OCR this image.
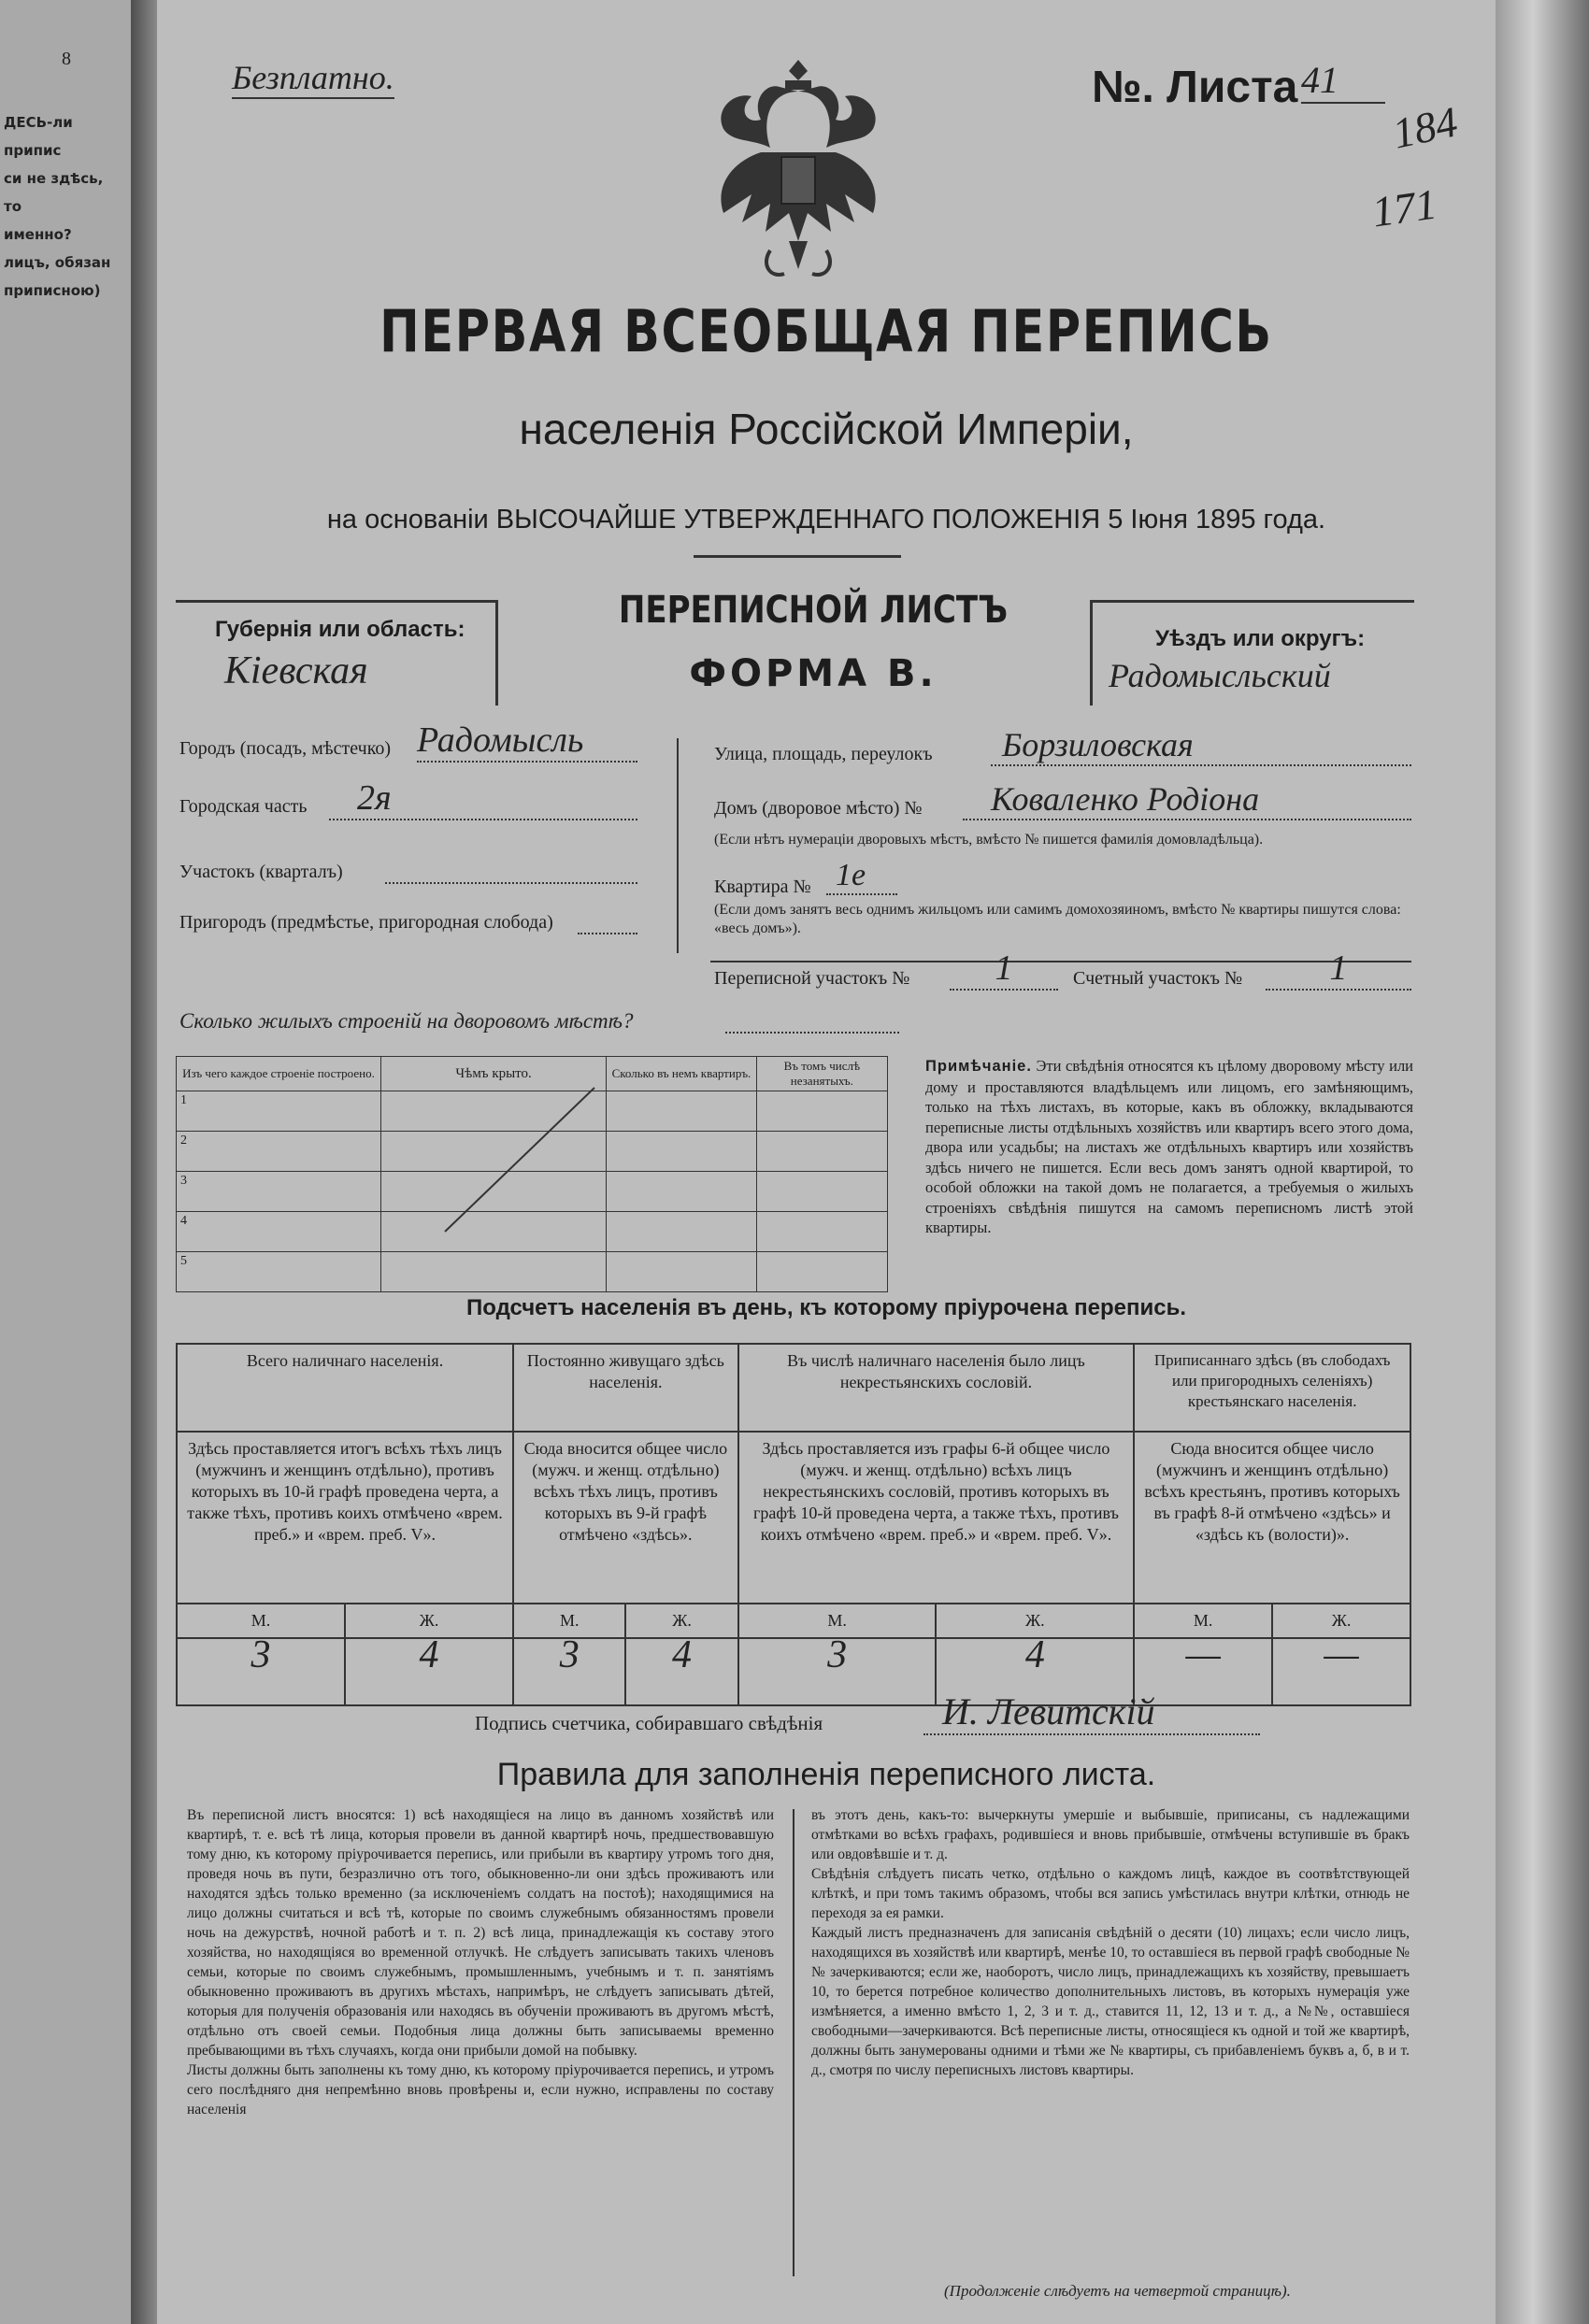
8
ДЕСЬ-ли припис
си не здѣсь, то
именно?
лицъ, обязан
приписною)
Безплатно.	№. Листа 41
184
171
ПЕРВАЯ ВСЕОБЩАЯ ПЕРЕПИСЬ
населенія Россійской Имперіи,
на основаніи ВЫСОЧАЙШЕ УТВЕРЖДЕННАГО ПОЛОЖЕНІЯ 5 Іюня 1895 года.
Губернія или область:
Кіевская
ПЕРЕПИСНОЙ ЛИСТЪ
ФОРМА В.
Уѣздъ или округъ:
Радомысльский
Городъ (посадъ, мѣстечко) Радомысль
Городская часть	2я
Участокъ (кварталъ)
Пригородъ (предмѣстье, пригородная слобода)
Улица, площадь, переулокъ	Борзиловская
Домъ (дворовое мѣсто) №	Коваленко Родіона
(Если нѣтъ нумераціи дворовыхъ мѣстъ, вмѣсто № пишется фамилія домовладѣльца).
Квартира № 1е
(Если домъ занятъ весь однимъ жильцомъ или самимъ домохозяиномъ, вмѣсто № квартиры пишутся слова: «весь домъ»).
Переписной участокъ №	1	Счетный участокъ №	1
Сколько жилыхъ строеній на дворовомъ мѣстѣ?
Изъ чего каждое строеніе построено.	Чѣмъ крыто.	Сколько въ немъ квартиръ.	Въ томъ числѣ незанятыхъ.
1			
2			
3			
4			
5			
Примѣчаніе. Эти свѣдѣнія относятся къ цѣлому дворовому мѣсту или дому и проставляются владѣльцемъ или лицомъ, его замѣняющимъ, только на тѣхъ листахъ, въ которые, какъ въ обложку, вкладываются переписные листы отдѣльныхъ хозяйствъ или квартиръ всего этого дома, двора или усадьбы; на листахъ же отдѣльныхъ квартиръ или хозяйствъ здѣсь ничего не пишется. Если весь домъ занятъ одной квартирой, то особой обложки на такой домъ не полагается, а требуемыя о жилыхъ строеніяхъ свѣдѣнія пишутся на самомъ переписномъ листѣ этой квартиры.
Подсчетъ населенія въ день, къ которому пріурочена перепись.
Всего наличнаго населенія.		Постоянно живущаго здѣсь населенія.		Въ числѣ наличнаго населенія было лицъ некрестьянскихъ сословій.		Приписаннаго здѣсь (въ слободахъ или пригородныхъ селеніяхъ) крестьянскаго населенія.	
Здѣсь проставляется итогъ всѣхъ тѣхъ лицъ (мужчинъ и женщинъ отдѣльно), противъ которыхъ въ 10-й графѣ проведена черта, а также тѣхъ, противъ коихъ отмѣчено «врем. преб.» и «врем. преб. V».		Сюда вносится общее число (мужч. и женщ. отдѣльно) всѣхъ тѣхъ лицъ, противъ которыхъ въ 9-й графѣ отмѣчено «здѣсь».		Здѣсь проставляется изъ графы 6-й общее число (мужч. и женщ. отдѣльно) всѣхъ лицъ некрестьянскихъ сословій, противъ которыхъ въ графѣ 10-й проведена черта, а также тѣхъ, противъ коихъ отмѣчено «врем. преб.» и «врем. преб. V».		Сюда вносится общее число (мужчинъ и женщинъ отдѣльно) всѣхъ крестьянъ, противъ которыхъ въ графѣ 8-й отмѣчено «здѣсь» и «здѣсь къ (волости)».	
М.	Ж.	М.	Ж.	М.	Ж.	М.	Ж.
3	4	3	4	3	4	—	—
Подпись счетчика, собиравшаго свѣдѣнія	И. Левитскій
Правила для заполненія переписного листа.
Въ переписной листъ вносятся: 1) всѣ находящіеся на лицо въ данномъ хозяйствѣ или квартирѣ, т. е. всѣ тѣ лица, которыя провели въ данной квартирѣ ночь, предшествовавшую тому дню, къ которому пріурочивается перепись, или прибыли въ квартиру утромъ того дня, проведя ночь въ пути, безразлично отъ того, обыкновенно-ли они здѣсь проживаютъ или находятся здѣсь только временно (за исключеніемъ солдатъ на постоѣ); находящимися на лицо должны считаться и всѣ тѣ, которые по своимъ служебнымъ обязанностямъ провели ночь на дежурствѣ, ночной работѣ и т. п. 2) всѣ лица, принадлежащія къ составу этого хозяйства, но находящіяся во временной отлучкѣ. Не слѣдуетъ записывать такихъ членовъ семьи, которые по своимъ служебнымъ, промышленнымъ, учебнымъ и т. п. занятіямъ обыкновенно проживаютъ въ другихъ мѣстахъ, напримѣръ, не слѣдуетъ записывать дѣтей, которыя для полученія образованія или находясь въ обученіи проживаютъ въ другомъ мѣстѣ, отдѣльно отъ своей семьи. Подобныя лица должны быть записываемы временно пребывающими въ тѣхъ случаяхъ, когда они прибыли домой на побывку.
Листы должны быть заполнены къ тому дню, къ которому пріурочивается перепись, и утромъ сего послѣдняго дня непремѣнно вновь провѣрены и, если нужно, исправлены по составу населенія
въ этотъ день, какъ-то: вычеркнуты умершіе и выбывшіе, приписаны, съ надлежащими отмѣтками во всѣхъ графахъ, родившіеся и вновь прибывшіе, отмѣчены вступившіе въ бракъ или овдовѣвшіе и т. д.
Свѣдѣнія слѣдуетъ писать четко, отдѣльно о каждомъ лицѣ, каждое въ соотвѣтствующей клѣткѣ, и при томъ такимъ образомъ, чтобы вся запись умѣстилась внутри клѣтки, отнюдь не переходя за ея рамки.
Каждый листъ предназначенъ для записанія свѣдѣній о десяти (10) лицахъ; если число лицъ, находящихся въ хозяйствѣ или квартирѣ, менѣе 10, то оставшіеся въ первой графѣ свободные №№ зачеркиваются; если же, наоборотъ, число лицъ, принадлежащихъ къ хозяйству, превышаетъ 10, то берется потребное количество дополнительныхъ листовъ, въ которыхъ нумерація уже измѣняется, а именно вмѣсто 1, 2, 3 и т. д., ставится 11, 12, 13 и т. д., а №№, оставшіеся свободными—зачеркиваются. Всѣ переписные листы, относящіеся къ одной и той же квартирѣ, должны быть занумерованы одними и тѣми же № квартиры, съ прибавленіемъ буквъ а, б, в и т. д., смотря по числу переписныхъ листовъ квартиры.
(Продолженіе слѣдуетъ на четвертой страницѣ).
